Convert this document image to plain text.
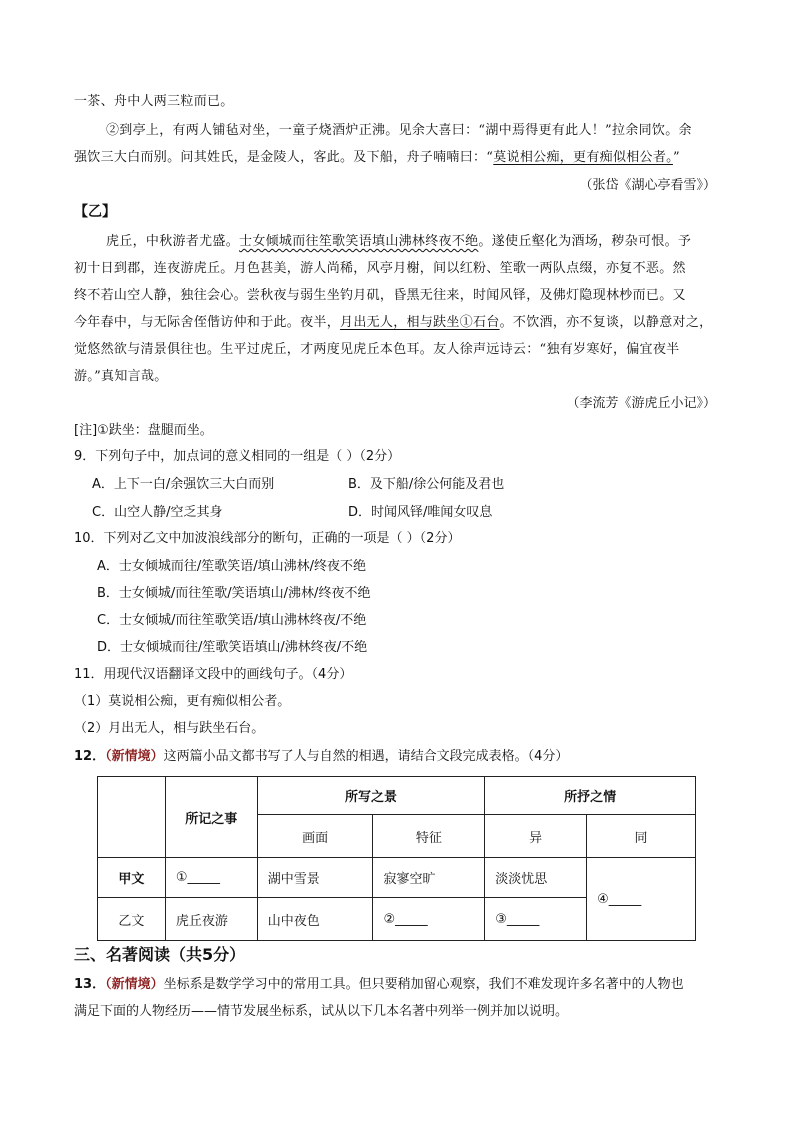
一茶、舟中人两三粒而已。
②到亭上，有两人铺毡对坐，一童子烧酒炉正沸。见余大喜曰：“湖中焉得更有此人！”拉余同饮。余
强饮三大白而别。问其姓氏，是金陵人，客此。及下船，舟子喃喃曰：“莫说相公痴，更有痴似相公者。”
（张岱《湖心亭看雪》）
【乙】
虎丘，中秋游者尤盛。士女倾城而往笙歌笑语填山沸林终夜不绝。遂使丘壑化为酒场，秽杂可恨。予
初十日到郡，连夜游虎丘。月色甚美，游人尚稀，风亭月榭，间以红粉、笙歌一两队点缀，亦复不恶。然
终不若山空人静，独往会心。尝秋夜与弱生坐钓月矶，昏黑无往来，时闻风铎，及佛灯隐现林杪而已。又
今年春中，与无际舍侄偕访仲和于此。夜半，月出无人，相与趺坐①石台。不饮酒，亦不复谈，以静意对之，
觉悠然欲与清景俱往也。生平过虎丘，才两度见虎丘本色耳。友人徐声远诗云：“独有岁寒好，偏宜夜半
游。”真知言哉。
（李流芳《游虎丘小记》）
[注]①趺坐：盘腿而坐。
9．下列句子中，加点词的意义相同的一组是（ ）（2分）
A．上下一白/余强饮三大白而别	B．及下船/徐公何能及君也
C．山空人静/空乏其身	D．时闻风铎/唯闻女叹息
10．下列对乙文中加波浪线部分的断句，正确的一项是（ ）（2分）
A．士女倾城而往/笙歌笑语/填山沸林/终夜不绝
B．士女倾城/而往笙歌/笑语填山/沸林/终夜不绝
C．士女倾城/而往笙歌笑语/填山沸林终夜/不绝
D．士女倾城而往/笙歌笑语填山/沸林终夜/不绝
11．用现代汉语翻译文段中的画线句子。（4分）
（1）莫说相公痴，更有痴似相公者。
（2）月出无人，相与趺坐石台。
12．（新情境）这两篇小品文都书写了人与自然的相遇，请结合文段完成表格。（4分）
	所记之事	所写之景		所抒之情	
		画面	特征	异	同
甲文	①_____	湖中雪景	寂寥空旷	淡淡忧思	④_____
乙文	虎丘夜游	山中夜色	②_____	③_____	
三、名著阅读（共5分）
13．（新情境）坐标系是数学学习中的常用工具。但只要稍加留心观察，我们不难发现许多名著中的人物也
满足下面的人物经历——情节发展坐标系，试从以下几本名著中列举一例并加以说明。
